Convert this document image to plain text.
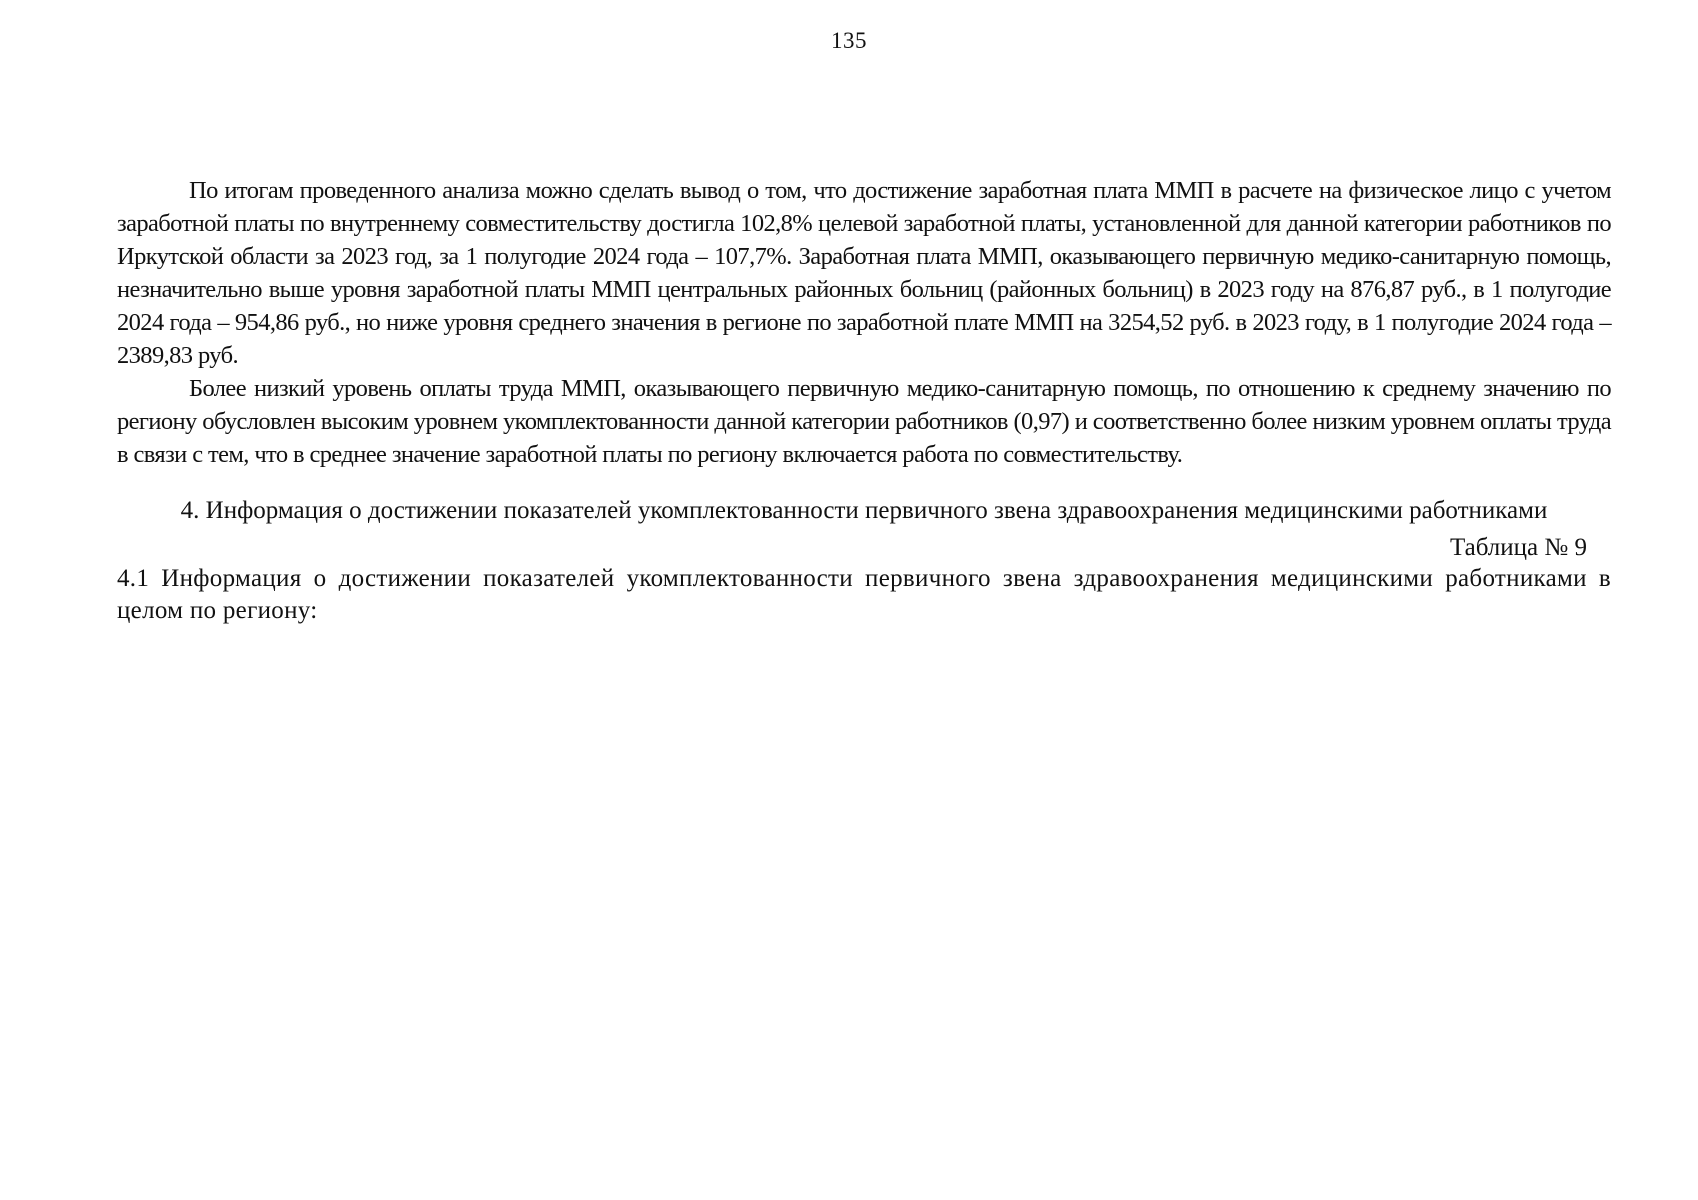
135

По итогам проведенного анализа можно сделать вывод о том, что достижение заработная плата ММП в расчете на физическое лицо с учетом заработной платы по внутреннему совместительству достигла 102,8% целевой заработной платы, установленной для данной категории работников по Иркутской области за 2023 год, за 1 полугодие 2024 года – 107,7%. Заработная плата ММП, оказывающего первичную медико-санитарную помощь, незначительно выше уровня заработной платы ММП центральных районных больниц (районных больниц) в 2023 году на 876,87 руб., в 1 полугодие 2024 года – 954,86 руб., но ниже уровня среднего значения в регионе по заработной плате ММП на 3254,52 руб. в 2023 году, в 1 полугодие 2024 года – 2389,83 руб.

Более низкий уровень оплаты труда ММП, оказывающего первичную медико-санитарную помощь, по отношению к среднему значению по региону обусловлен высоким уровнем укомплектованности данной категории работников (0,97) и соответственно более низким уровнем оплаты труда в связи с тем, что в среднее значение заработной платы по региону включается работа по совместительству.

4. Информация о достижении показателей укомплектованности первичного звена здравоохранения медицинскими работниками

Таблица № 9

4.1 Информация о достижении показателей укомплектованности первичного звена здравоохранения медицинскими работниками в целом по региону:
